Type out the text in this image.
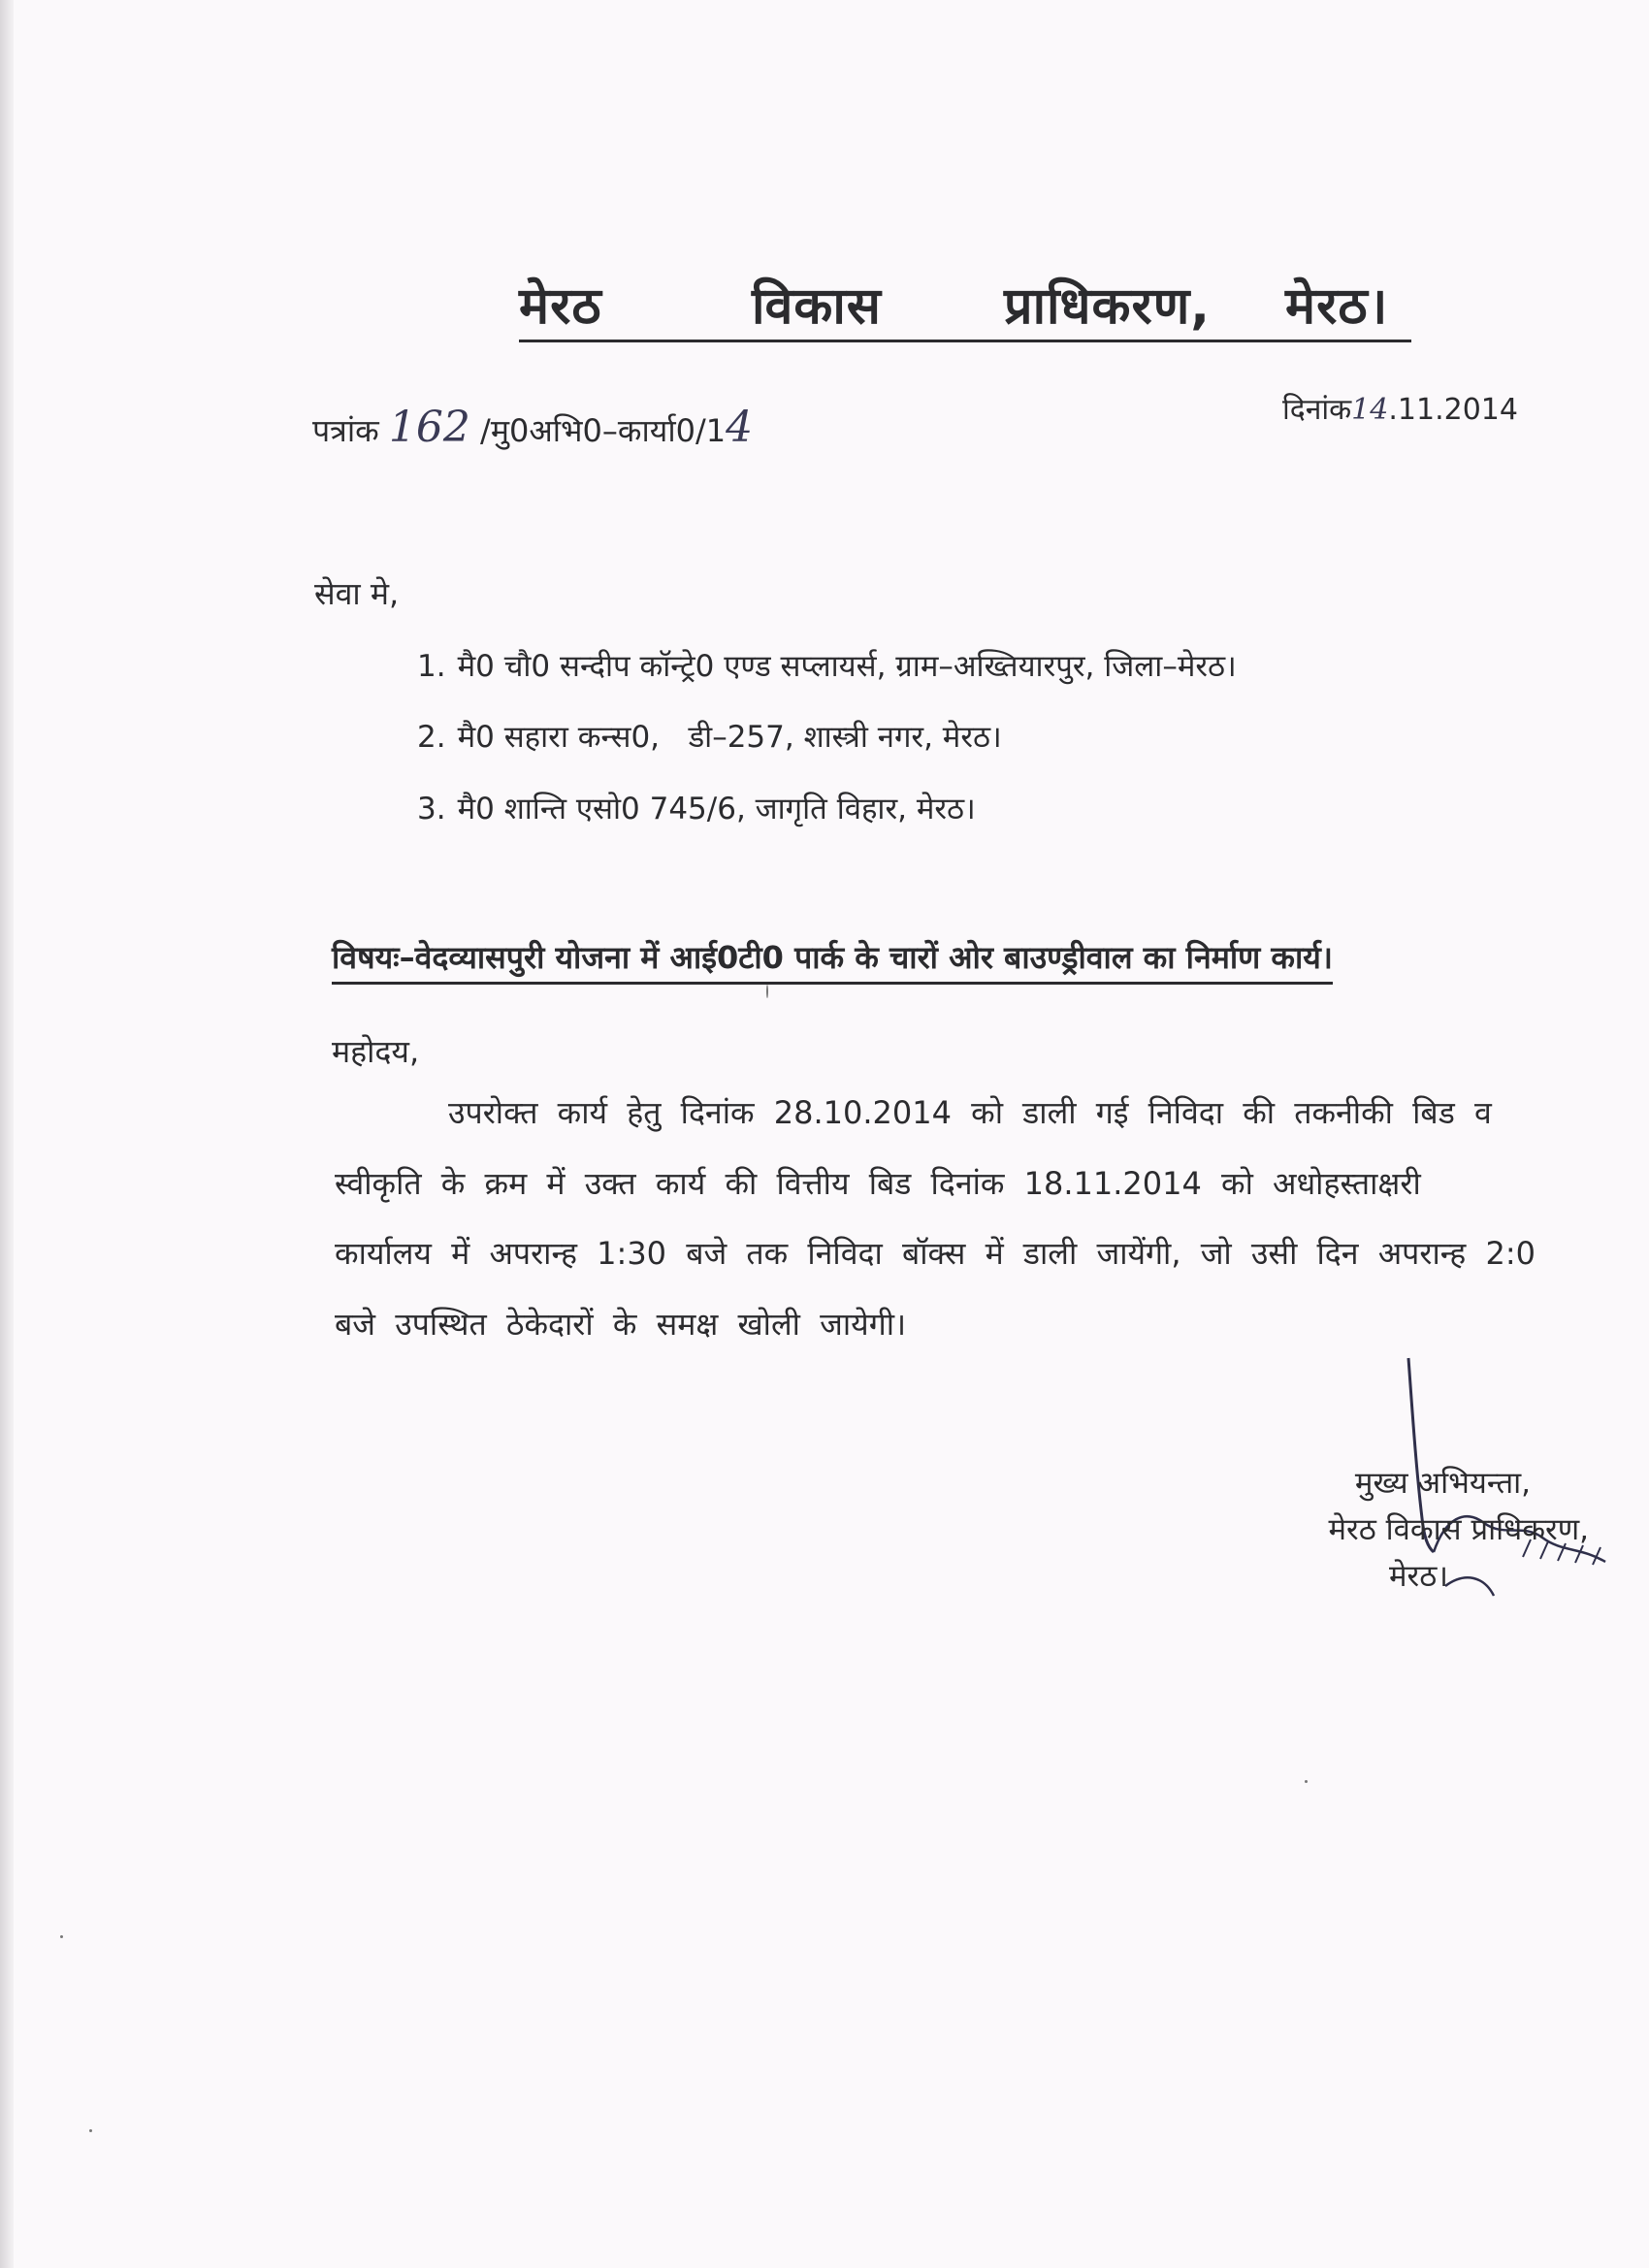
मेरठ	विकास प्राधिकरण, मेरठ।
पत्रांक 162 /मु0अभि0–कार्या0/14	दिनांक14.11.2014
सेवा मे,
1. मै0 चौ0 सन्दीप कॉन्ट्रे0 एण्ड सप्लायर्स, ग्राम–अख्तियारपुर, जिला–मेरठ।
2. मै0 सहारा कन्स0,   डी–257, शास्त्री नगर, मेरठ।
3. मै0 शान्ति एसो0 745/6, जागृति विहार, मेरठ।
विषयः–वेदव्यासपुरी योजना में आई0टी0 पार्क के चारों ओर बाउण्ड्रीवाल का निर्माण कार्य।
महोदय,
उपरोक्त कार्य हेतु दिनांक 28.10.2014 को डाली गई निविदा की तकनीकी बिड व
स्वीकृति के क्रम में उक्त कार्य की वित्तीय बिड दिनांक 18.11.2014 को अधोहस्ताक्षरी
कार्यालय में अपरान्ह 1:30 बजे तक निविदा बॉक्स में डाली जायेंगी, जो उसी दिन अपरान्ह 2:0
बजे उपस्थित ठेकेदारों के समक्ष खोली जायेगी।
मुख्य अभियन्ता,
मेरठ विकास प्राधिकरण,
मेरठ।
